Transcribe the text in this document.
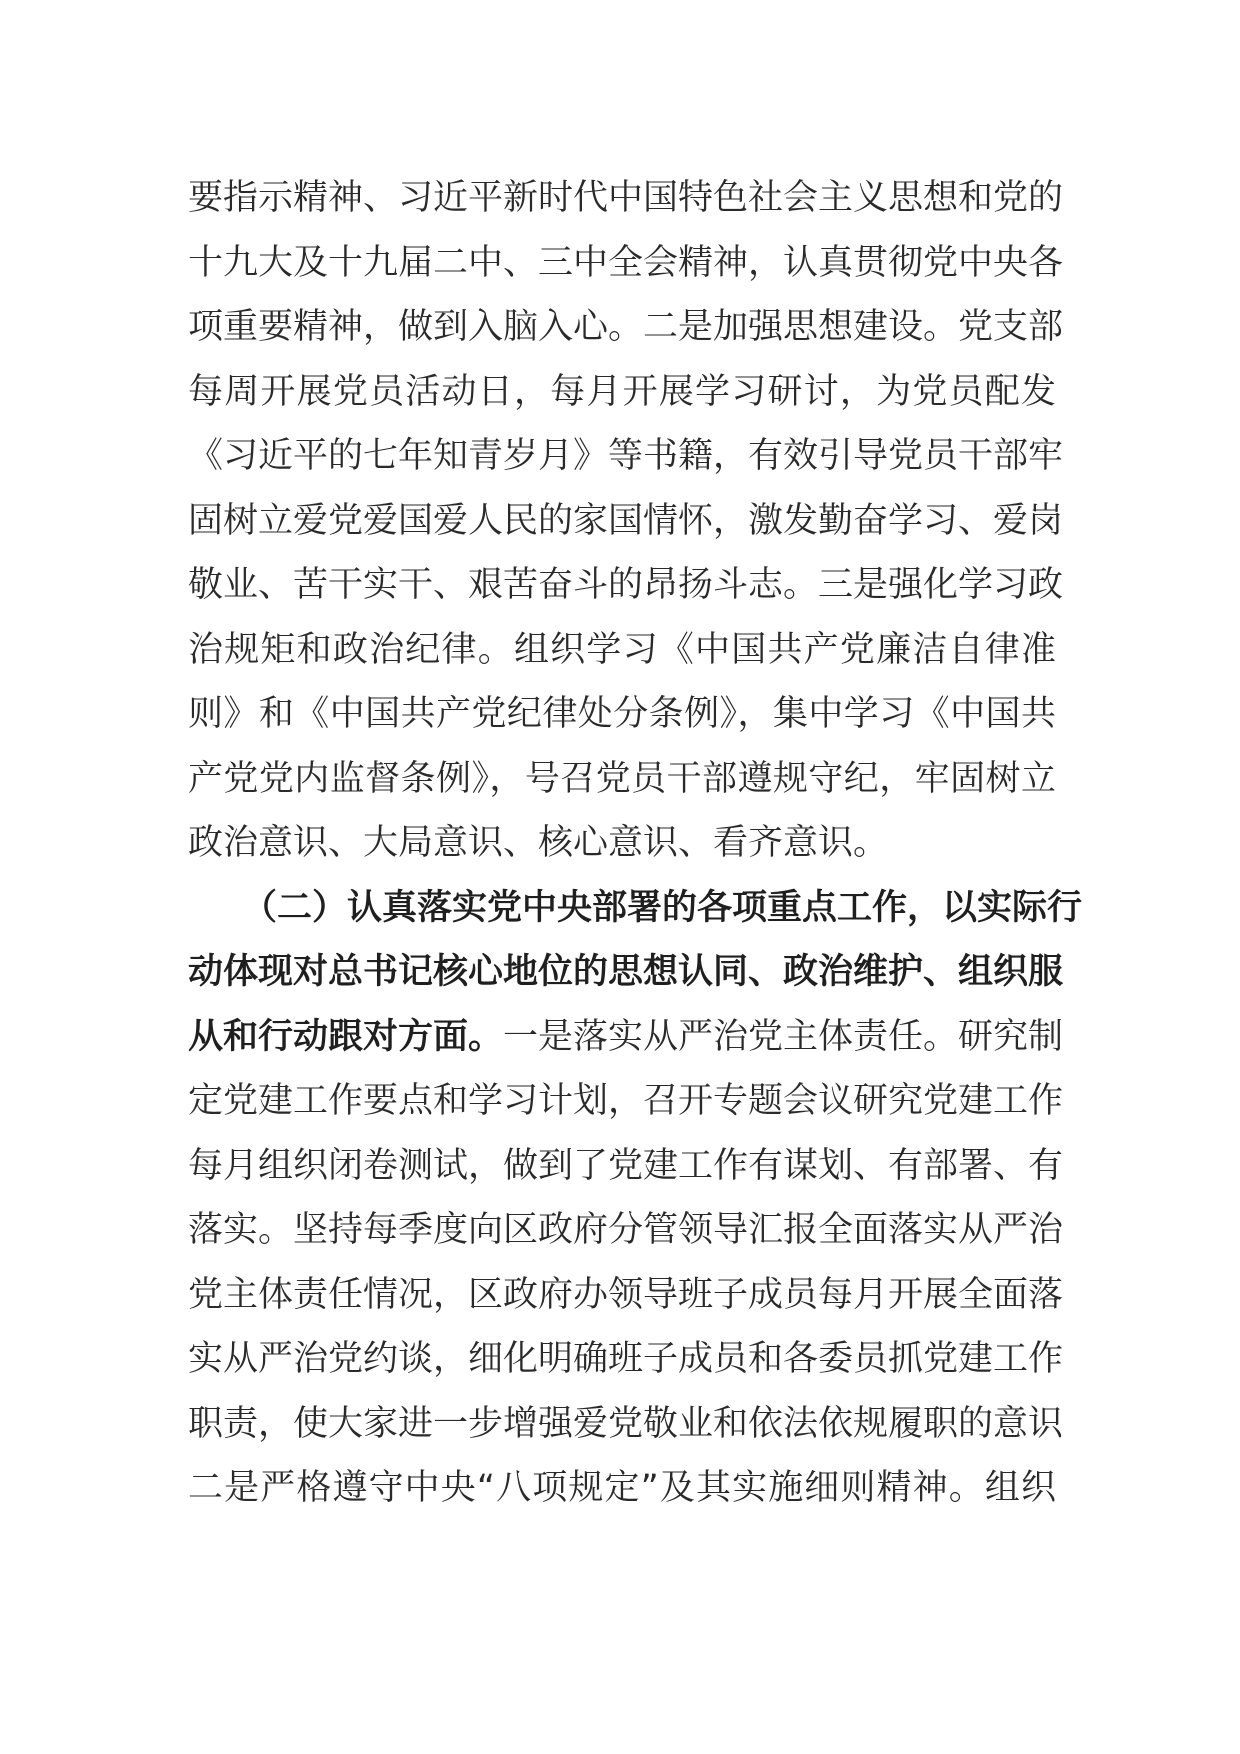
要指示精神、习近平新时代中国特色社会主义思想和党的
十九大及十九届二中、三中全会精神，认真贯彻党中央各
项重要精神，做到入脑入心。二是加强思想建设。党支部
每周开展党员活动日，每月开展学习研讨，为党员配发
《习近平的七年知青岁月》等书籍，有效引导党员干部牢
固树立爱党爱国爱人民的家国情怀，激发勤奋学习、爱岗
敬业、苦干实干、艰苦奋斗的昂扬斗志。三是强化学习政
治规矩和政治纪律。组织学习《中国共产党廉洁自律准
则》和《中国共产党纪律处分条例》，集中学习《中国共
产党党内监督条例》，号召党员干部遵规守纪，牢固树立
政治意识、大局意识、核心意识、看齐意识。
（二）认真落实党中央部署的各项重点工作，以实际行
动体现对总书记核心地位的思想认同、政治维护、组织服
从和行动跟对方面。一是落实从严治党主体责任。研究制
定党建工作要点和学习计划，召开专题会议研究党建工作
每月组织闭卷测试，做到了党建工作有谋划、有部署、有
落实。坚持每季度向区政府分管领导汇报全面落实从严治
党主体责任情况，区政府办领导班子成员每月开展全面落
实从严治党约谈，细化明确班子成员和各委员抓党建工作
职责，使大家进一步增强爱党敬业和依法依规履职的意识
二是严格遵守中央“八项规定”及其实施细则精神。组织
